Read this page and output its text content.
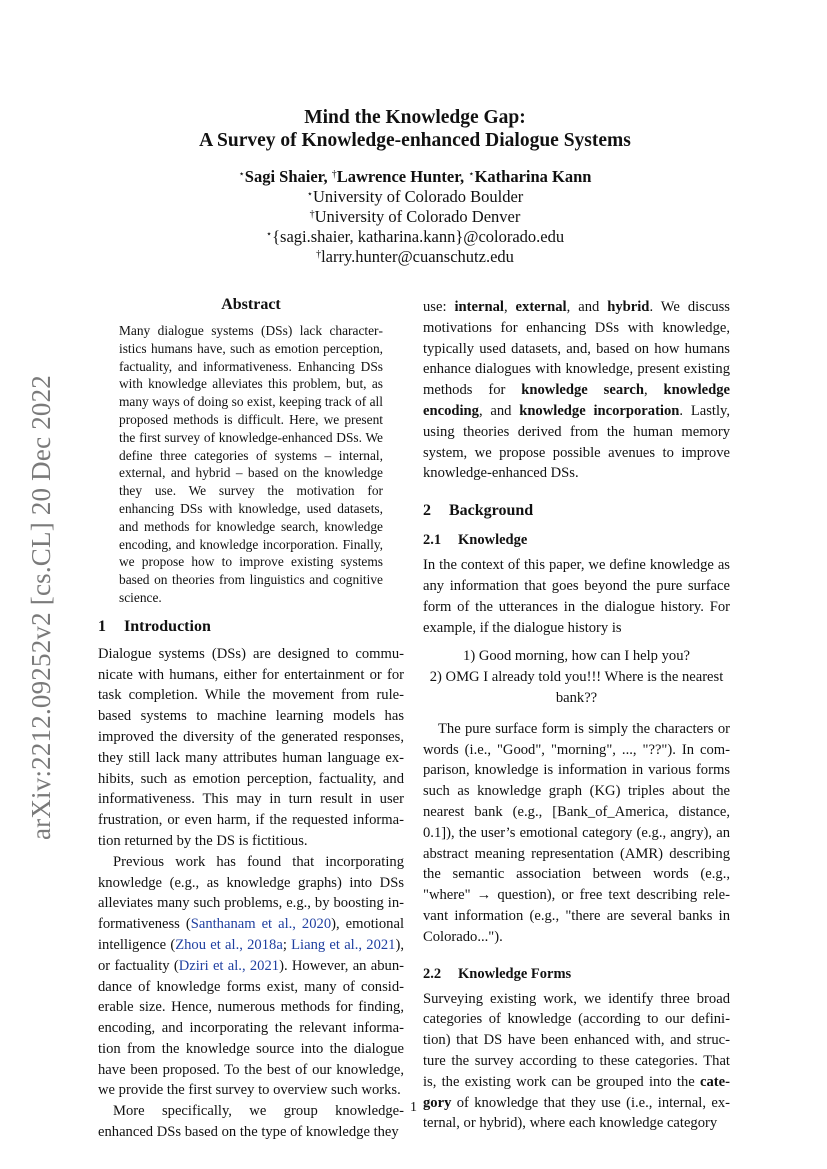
arXiv:2212.09252v2 [cs.CL] 20 Dec 2022
Mind the Knowledge Gap:
A Survey of Knowledge-enhanced Dialogue Systems
⋆Sagi Shaier, †Lawrence Hunter, ⋆Katharina Kann
⋆University of Colorado Boulder
†University of Colorado Denver
⋆{sagi.shaier, katharina.kann}@colorado.edu
†larry.hunter@cuanschutz.edu
Abstract
Many dialogue systems (DSs) lack characteristics humans have, such as emotion perception, factuality, and informativeness. Enhancing DSs with knowledge alleviates this problem, but, as many ways of doing so exist, keeping track of all proposed methods is difficult. Here, we present the first survey of knowledge-enhanced DSs. We define three categories of systems – internal, external, and hybrid – based on the knowledge they use. We survey the motivation for enhancing DSs with knowledge, used datasets, and methods for knowledge search, knowledge encoding, and knowledge incorporation. Finally, we propose how to improve existing systems based on theories from linguistics and cognitive science.
1 Introduction

Dialogue systems (DSs) are designed to communicate with humans, either for entertainment or for task completion. While the movement from rule-based systems to machine learning models has improved the diversity of the generated responses, they still lack many attributes human language exhibits, such as emotion perception, factuality, and informativeness. This may in turn result in user frustration, or even harm, if the requested information returned by the DS is fictitious.

Previous work has found that incorporating knowledge (e.g., as knowledge graphs) into DSs alleviates many such problems, e.g., by boosting informativeness (Santhanam et al., 2020), emotional intelligence (Zhou et al., 2018a; Liang et al., 2021), or factuality (Dziri et al., 2021). However, an abundance of knowledge forms exist, many of considerable size. Hence, numerous methods for finding, encoding, and incorporating the relevant information from the knowledge source into the dialogue have been proposed. To the best of our knowledge, we provide the first survey to overview such works.

More specifically, we group knowledge-enhanced DSs based on the type of knowledge they

use: internal, external, and hybrid. We discuss motivations for enhancing DSs with knowledge, typically used datasets, and, based on how humans enhance dialogues with knowledge, present existing methods for knowledge search, knowledge encoding, and knowledge incorporation. Lastly, using theories derived from the human memory system, we propose possible avenues to improve knowledge-enhanced DSs.

2 Background
2.1 Knowledge

In the context of this paper, we define knowledge as any information that goes beyond the pure surface form of the utterances in the dialogue history. For example, if the dialogue history is

1) Good morning, how can I help you?
2) OMG I already told you!!! Where is the nearest bank??

The pure surface form is simply the characters or words (i.e., "Good", "morning", ..., "??"). In comparison, knowledge is information in various forms such as knowledge graph (KG) triples about the nearest bank (e.g., [Bank_of_America, distance, 0.1]), the user’s emotional category (e.g., angry), an abstract meaning representation (AMR) describing the semantic association between words (e.g., "where" → question), or free text describing relevant information (e.g., "there are several banks in Colorado...").

2.2 Knowledge Forms

Surveying existing work, we identify three broad categories of knowledge (according to our definition) that DS have been enhanced with, and structure the survey according to these categories. That is, the existing work can be grouped into the category of knowledge that they use (i.e., internal, external, or hybrid), where each knowledge category

1
